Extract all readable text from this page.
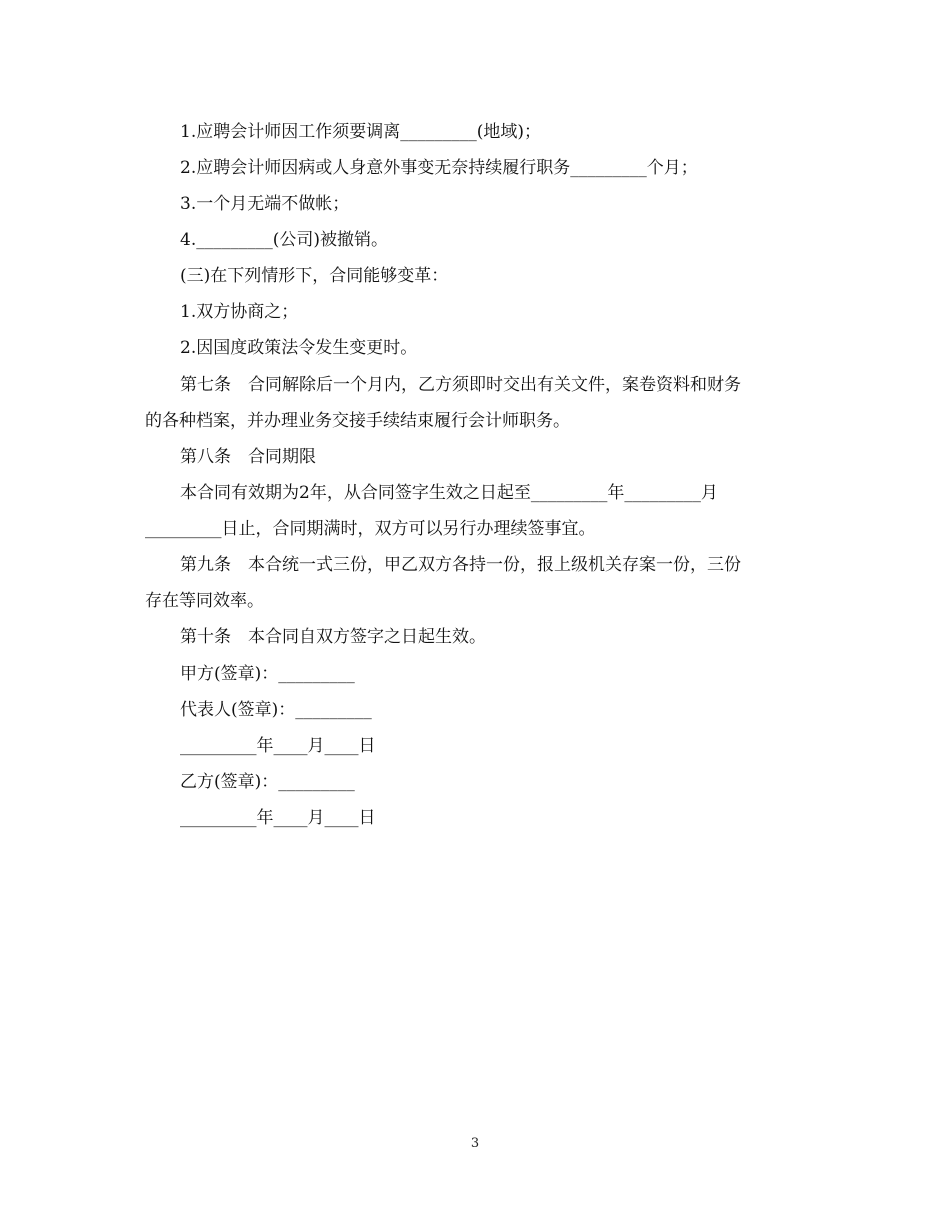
1.应聘会计师因工作须要调离_________(地域)；
2.应聘会计师因病或人身意外事变无奈持续履行职务_________个月；
3.一个月无端不做帐；
4._________(公司)被撤销。
(三)在下列情形下，合同能够变革：
1.双方协商之；
2.因国度政策法令发生变更时。
第七条　合同解除后一个月内，乙方须即时交出有关文件，案卷资料和财务
的各种档案，并办理业务交接手续结束履行会计师职务。
第八条　合同期限
本合同有效期为2年，从合同签字生效之日起至_________年_________月
_________日止，合同期满时，双方可以另行办理续签事宜。
第九条　本合统一式三份，甲乙双方各持一份，报上级机关存案一份，三份
存在等同效率。
第十条　本合同自双方签字之日起生效。
甲方(签章)：_________
代表人(签章)：_________
_________年____月____日
乙方(签章)：_________
_________年____月____日
3
